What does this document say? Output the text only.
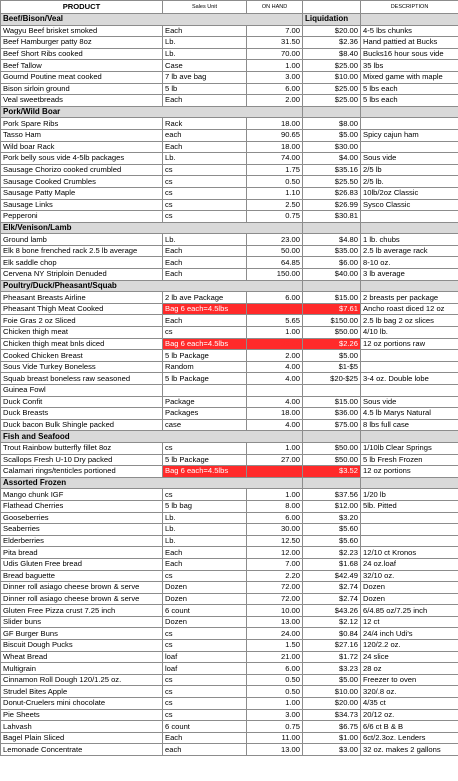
PRODUCT	Sales Unit	ON HAND		DESCRIPTION
Beef/Bison/Veal			Liquidation	
Wagyu Beef brisket smoked	Each	7.00	$20.00	4-5 lbs chunks
Beef Hamburger patty 8oz	Lb.	31.50	$2.36	Hand pattied at Bucks
Beef Short Ribs cooked	Lb.	70.00	$8.40	Bucks16 hour sous vide
Beef Tallow	Case	1.00	$25.00	35 lbs
Gournd Poutine meat cooked	7 lb ave bag	3.00	$10.00	Mixed game with maple
Bison sirloin ground	5 lb	6.00	$25.00	5 lbs each
Veal sweetbreads	Each	2.00	$25.00	5 lbs each
Pork/Wild Boar				
Pork Spare Ribs	Rack	18.00	$8.00	
Tasso Ham	each	90.65	$5.00	Spicy cajun ham
Wild boar Rack	Each	18.00	$30.00	
Pork belly sous vide 4-5lb packages	Lb.	74.00	$4.00	Sous vide
Sausage Chorizo cooked crumbled	cs	1.75	$35.16	2/5 lb
Sausage Cooked Crumbles	cs	0.50	$25.50	2/5 lb.
Sausage Patty Maple	cs	1.10	$26.83	10lb/2oz Classic
Sausage Links	cs	2.50	$26.99	Sysco Classic
Pepperoni	cs	0.75	$30.81	
Elk/Venison/Lamb				
Ground lamb	Lb.	23.00	$4.80	1 lb. chubs
Elk 8 bone frenched rack 2.5 lb average	Each	50.00	$35.00	2.5 lb average rack
Elk saddle chop	Each	64.85	$6.00	8-10 oz.
Cervena NY Striploin Denuded	Each	150.00	$40.00	3 lb average
Poultry/Duck/Pheasant/Squab				
Pheasant Breasts Airline	2 lb ave Package	6.00	$15.00	2 breasts per package
Pheasant Thigh Meat Cooked	Bag 6 each=4.5lbs	68.00	$7.61	Ancho roast diced 12 oz
Foie Gras 2 oz Sliced	Each	5.65	$150.00	2.5 lb bag 2 oz slices
Chicken thigh meat	cs	1.00	$50.00	4/10 lb.
Chicken thigh meat bnls diced	Bag 6 each=4.5lbs	38.00	$2.26	12 oz portions raw
Cooked Chicken Breast	5 lb Package	2.00	$5.00	
Sous Vide Turkey Boneless	Random	4.00	$1-$5	
Squab breast boneless raw seasoned	5 lb Package	4.00	$20-$25	3-4 oz. Double lobe
Guinea Fowl				
Duck Confit	Package	4.00	$15.00	Sous vide
Duck Breasts	Packages	18.00	$36.00	4.5 lb Marys Natural
Duck bacon Bulk Shingle packed	case	4.00	$75.00	8 lbs full case
Fish and Seafood				
Trout Rainbow butterfly fillet 8oz	cs	1.00	$50.00	1/10lb Clear Springs
Scallops Fresh U-10 Dry packed	5 lb Package	27.00	$50.00	5 lb Fresh Frozen
Calamari rings/tenticles portioned	Bag 6 each=4.5lbs	101.00	$3.52	12 oz portions
Assorted Frozen				
Mango chunk IGF	cs	1.00	$37.56	1/20 lb
Flathead Cherries	5 lb bag	8.00	$12.00	5lb. Pitted
Gooseberries	Lb.	6.00	$3.20	
Seaberries	Lb.	30.00	$5.60	
Elderberries	Lb.	12.50	$5.60	
Pita bread	Each	12.00	$2.23	12/10 ct Kronos
Udis Gluten Free bread	Each	7.00	$1.68	24 oz.loaf
Bread baguette	cs	2.20	$42.49	32/10 oz.
Dinner roll asiago cheese brown & serve	Dozen	72.00	$2.74	Dozen
Dinner roll asiago cheese brown & serve	Dozen	72.00	$2.74	Dozen
Gluten Free Pizza crust 7.25 inch	6 count	10.00	$43.26	6/4.85 oz/7.25 inch
Slider buns	Dozen	13.00	$2.12	12 ct
GF Burger Buns	cs	24.00	$0.84	24/4 inch Udi's
Biscuit Dough Pucks	cs	1.50	$27.16	120/2.2 oz.
Wheat Bread	loaf	21.00	$1.72	24 slice
Multigrain	loaf	6.00	$3.23	28 oz
Cinnamon Roll Dough 120/1.25 oz.	cs	0.50	$5.00	Freezer to oven
Strudel Bites Apple	cs	0.50	$10.00	320/.8 oz.
Donut-Cruelers mini chocolate	cs	1.00	$20.00	4/35 ct
Pie Sheets	cs	3.00	$34.73	20/12 oz.
Lahvash	6 count	0.75	$6.75	6/6 ct B & B
Bagel Plain Sliced	Each	11.00	$1.00	6ct/2.3oz. Lenders
Lemonade Concentrate	each	13.00	$3.00	32 oz. makes 2 gallons
